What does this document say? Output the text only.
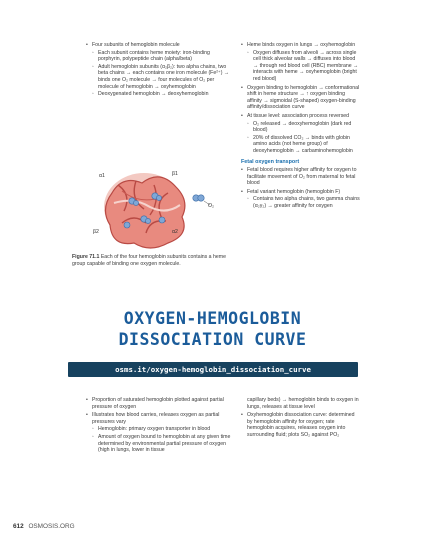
• Four subunits of hemoglobin molecule
◦ Each subunit contains heme moiety: iron-binding porphyrin, polypeptide chain (alpha/beta)
◦ Adult hemoglobin subunits (α₂β₂): two alpha chains, two beta chains → each contains one iron molecule (Fe²⁺) → binds one O₂ molecule → four molecules of O₂ per molecule of hemoglobin → oxyhemoglobin
◦ Deoxygenated hemoglobin → deoxyhemoglobin
α1	β1
β2	α2
O₂
Figure 71.1 Each of the four hemoglobin subunits contains a heme group capable of binding one oxygen molecule.
• Heme binds oxygen in lungs → oxyhemoglobin
◦ Oxygen diffuses from alveoli → across single cell thick alveolar walls → diffuses into blood → through red blood cell (RBC) membrane → interacts with heme → oxyhemoglobin (bright red blood)
• Oxygen binding to hemoglobin → conformational shift in heme structure → ↑ oxygen binding affinity → sigmoidal (S-shaped) oxygen-binding affinity/dissociation curve
• At tissue level: association process reversed
◦ O₂ released → deoxyhemoglobin (dark red blood)
◦ 20% of dissolved CO₂ → binds with globin amino acids (not heme group) of deoxyhemoglobin → carbaminohemoglobin
Fetal oxygen transport
• Fetal blood requires higher affinity for oxygen to facilitate movement of O₂ from maternal to fetal blood
• Fetal variant hemoglobin (hemoglobin F)
◦ Contains two alpha chains, two gamma chains (α₂γ₂) → greater affinity for oxygen
OXYGEN-HEMOGLOBIN
DISSOCIATION CURVE
osms.it/oxygen-hemoglobin_dissociation_curve
• Proportion of saturated hemoglobin plotted against partial pressure of oxygen
• Illustrates how blood carries, releases oxygen as partial pressures vary
◦ Hemoglobin: primary oxygen transporter in blood
◦ Amount of oxygen bound to hemoglobin at any given time determined by environmental partial pressure of oxygen (high in lungs, lower in tissue
capillary beds) → hemoglobin binds to oxygen in lungs, releases at tissue level
• Oxyhemoglobin dissociation curve: determined by hemoglobin affinity for oxygen; rate hemoglobin acquires, releases oxygen into surrounding fluid; plots SO₂ against PO₂
612 OSMOSIS.ORG
